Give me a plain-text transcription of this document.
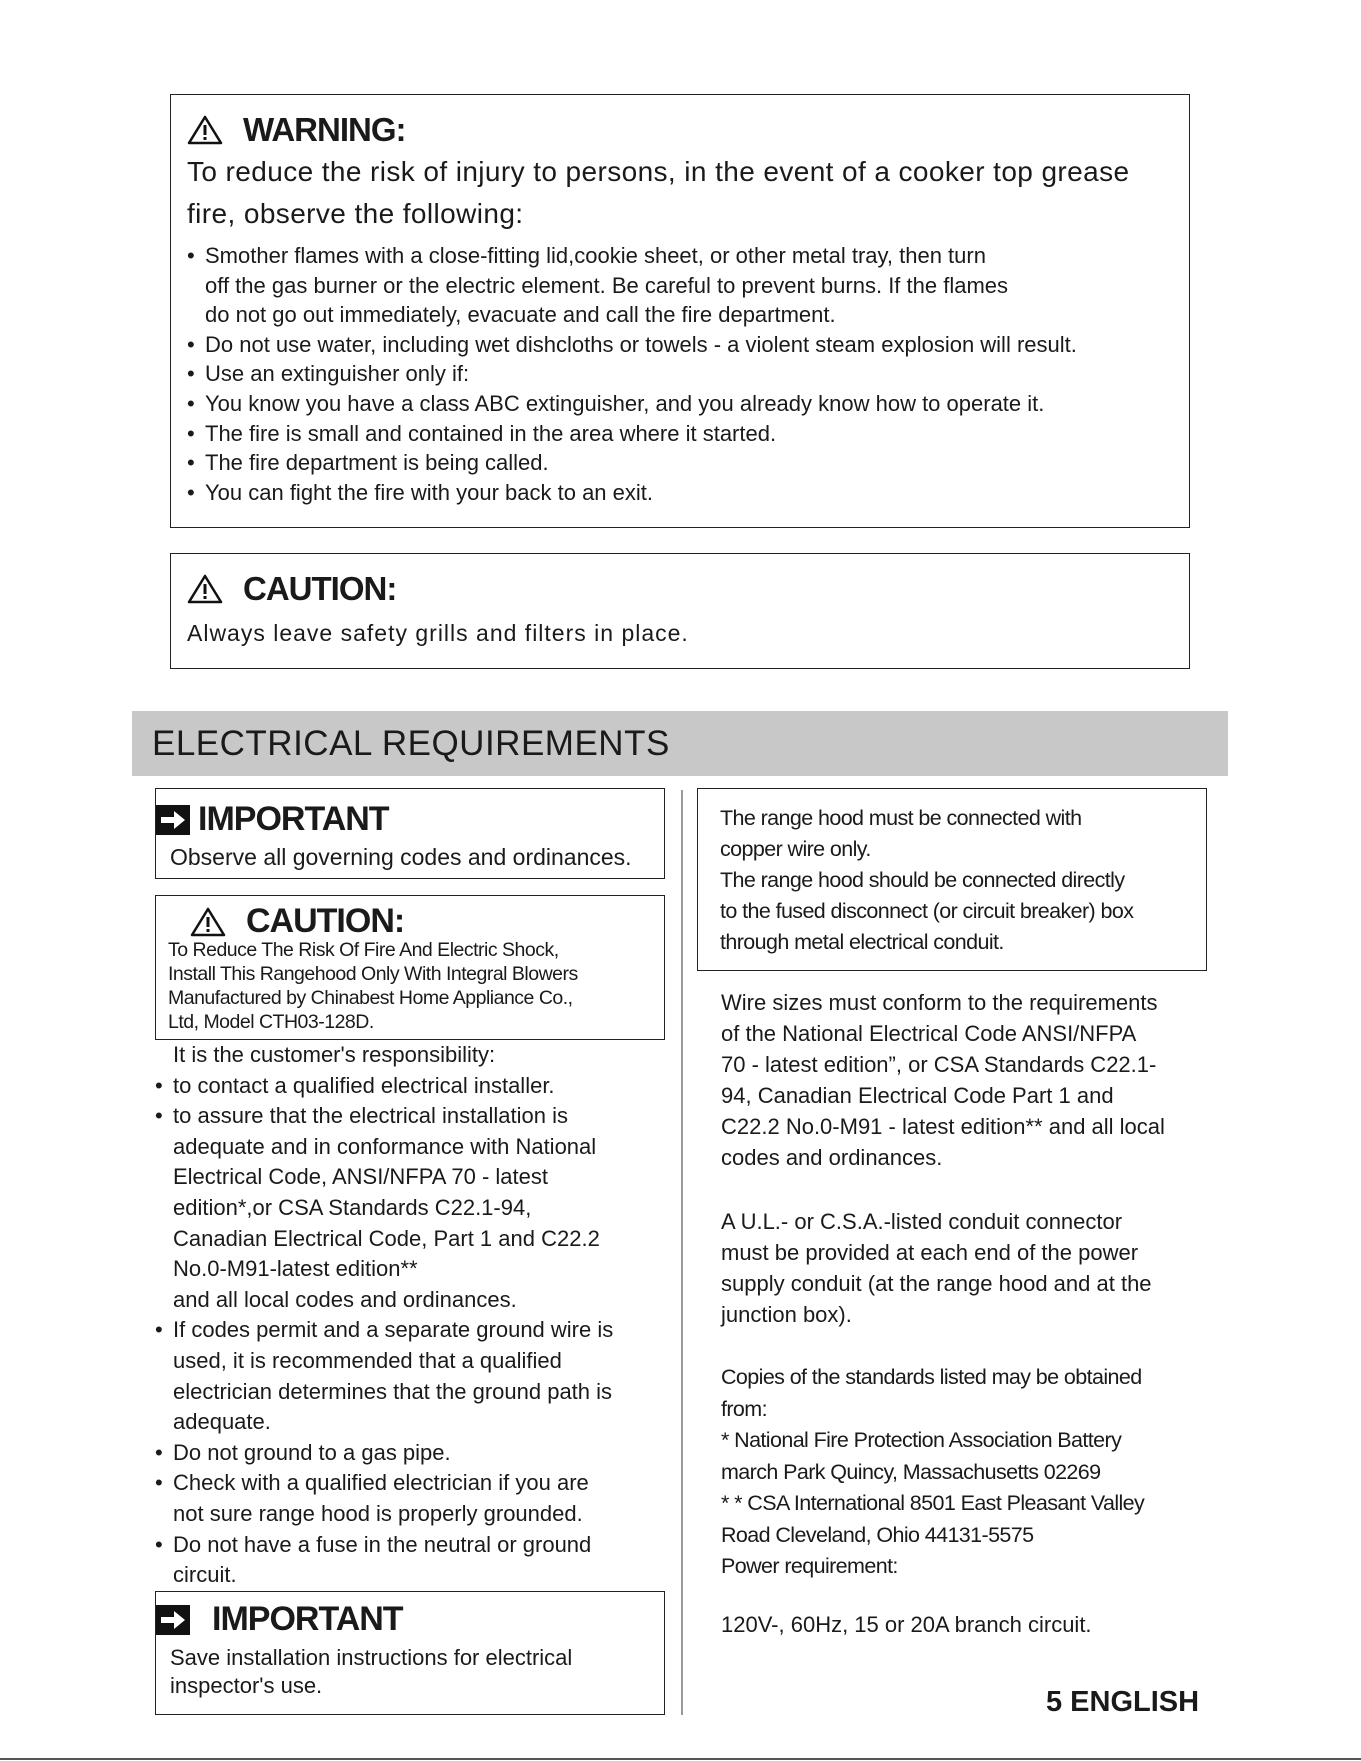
WARNING:
To reduce the risk of injury to persons, in the event of a cooker top grease
fire, observe the following:
• Smother flames with a close-fitting lid,cookie sheet, or other metal tray, then turn
off the gas burner or the electric element. Be careful to prevent burns. If the flames
do not go out immediately, evacuate and call the fire department.
• Do not use water, including wet dishcloths or towels - a violent steam explosion will result.
• Use an extinguisher only if:
• You know you have a class ABC extinguisher, and you already know how to operate it.
• The fire is small and contained in the area where it started.
• The fire department is being called.
• You can fight the fire with your back to an exit.
CAUTION:
Always leave safety grills and filters in place.
ELECTRICAL REQUIREMENTS
IMPORTANT
Observe all governing codes and ordinances.
CAUTION:
To Reduce The Risk Of Fire And Electric Shock,
Install This Rangehood Only With Integral Blowers
Manufactured by Chinabest Home Appliance Co.,
Ltd, Model CTH03-128D.
It is the customer's responsibility:
• to contact a qualified electrical installer.
• to assure that the electrical installation is
adequate and in conformance with National
Electrical Code, ANSI/NFPA 70 - latest
edition*,or CSA Standards C22.1-94,
Canadian Electrical Code, Part 1 and C22.2
No.0-M91-latest edition**
and all local codes and ordinances.
• If codes permit and a separate ground wire is
used, it is recommended that a qualified
electrician determines that the ground path is
adequate.
• Do not ground to a gas pipe.
• Check with a qualified electrician if you are
not sure range hood is properly grounded.
• Do not have a fuse in the neutral or ground
circuit.
IMPORTANT
Save installation instructions for electrical
inspector's use.
The range hood must be connected with
copper wire only.
The range hood should be connected directly
to the fused disconnect (or circuit breaker) box
through metal electrical conduit.
Wire sizes must conform to the requirements
of the National Electrical Code ANSI/NFPA
70 - latest edition”, or CSA Standards C22.1-
94, Canadian Electrical Code Part 1 and
C22.2 No.0-M91 - latest edition** and all local
codes and ordinances.
A U.L.- or C.S.A.-listed conduit connector
must be provided at each end of the power
supply conduit (at the range hood and at the
junction box).
Copies of the standards listed may be obtained
from:
* National Fire Protection Association Battery
march Park Quincy, Massachusetts 02269
* * CSA International 8501 East Pleasant Valley
Road Cleveland, Ohio 44131-5575
Power requirement:
120V-, 60Hz, 15 or 20A branch circuit.
5 ENGLISH
